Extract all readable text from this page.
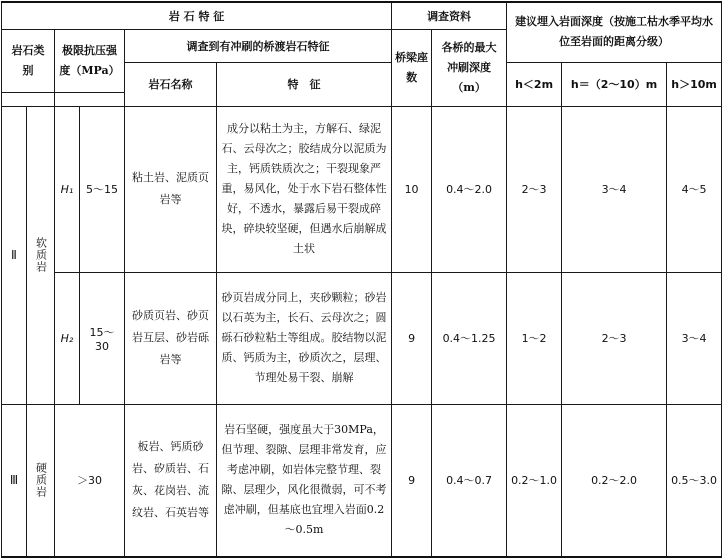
岩 石 特 征						调查资料		建议埋入岩面深度（按施工枯水季平均水位至岩面的距离分级）		
岩石类别		极限抗压强度（MPa）		调查到有冲刷的桥渡岩石特征		桥梁座数	各桥的最大冲刷深度（m）			
				岩石名称	特　征			h＜2m	h＝（2～10）m	h＞10m

Ⅱ	软质岩	H₁	5～15	粘土岩、泥质页岩等	成分以粘土为主，方解石、绿泥石、云母次之；胶结成分以泥质为主，钙质铁质次之；干裂现象严重，易风化，处于水下岩石整体性好，不透水，暴露后易干裂成碎块，碎块较坚硬，但遇水后崩解成土状	10	0.4～2.0	2～3	3～4	4～5
		H₂	15～30	砂质页岩、砂页岩互层、砂岩砾岩等	砂页岩成分同上，夹砂颗粒；砂岩以石英为主，长石、云母次之；圆砾石砂粒粘土等组成。胶结物以泥质、钙质为主，砂质次之，层理、节理处易干裂、崩解	9	0.4～1.25	1～2	2～3	3～4
Ⅲ	硬质岩	＞30		板岩、钙质砂岩、矽质岩、石灰、花岗岩、流纹岩、石英岩等	岩石坚硬，强度虽大于30MPa，但节理、裂隙、层理非常发育，应考虑冲刷，如岩体完整节理、裂隙、层理少，风化很微弱，可不考虑冲刷，但基底也宜埋入岩面0.2～0.5m	9	0.4～0.7	0.2～1.0	0.2～2.0	0.5～3.0
